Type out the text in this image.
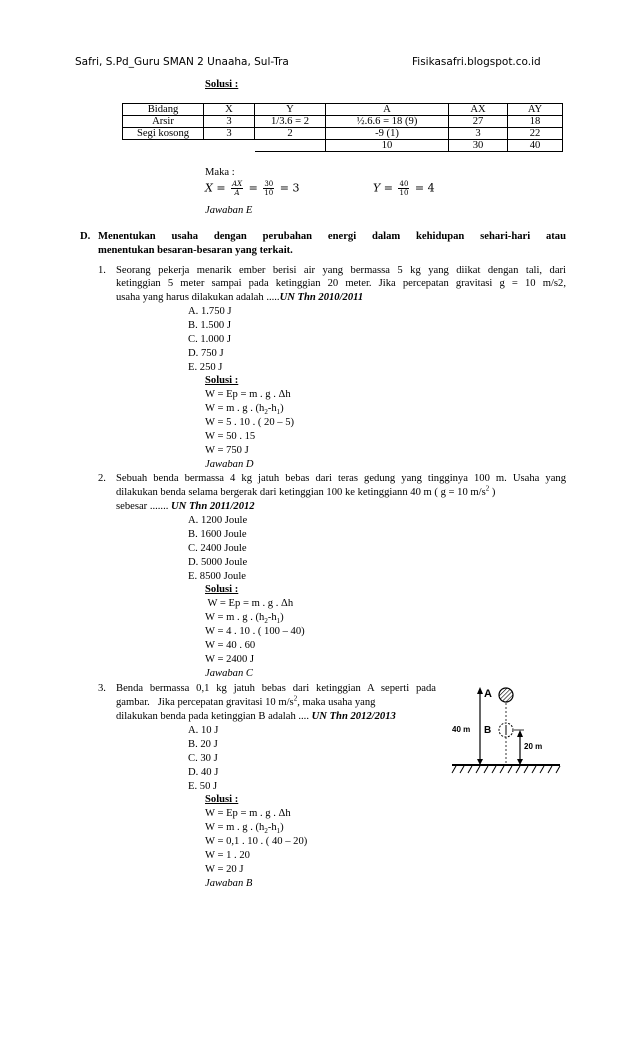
Safri, S.Pd_Guru SMAN 2 Unaaha, Sul-Tra	Fisikasafri.blogspot.co.id
Solusi :
Bidang	X	Y	A	AX	AY
Arsir	3	1/3.6 = 2	½.6.6 = 18 (9)	27	18
Segi kosong	3	2	-9 (1)	3	22
			10	30	40
Maka :
$X = \frac{AX}{A} = \frac{30}{10} = 3$	$Y = \frac{40}{10} = 4$
Jawaban E
D. Menentukan usaha dengan perubahan energi dalam kehidupan sehari-hari atau
menentukan besaran-besaran yang terkait.
1. Seorang pekerja menarik ember berisi air yang bermassa 5 kg yang diikat dengan tali, dari
ketinggian 5 meter sampai pada ketinggian 20 meter. Jika percepatan gravitasi g = 10 m/s2,
usaha yang harus dilakukan adalah .....UN Thn 2010/2011
A. 1.750 J
B. 1.500 J
C. 1.000 J
D. 750 J
E. 250 J
Solusi :
W = Ep = m . g . Δh
W = m . g . $(h_2-h_1)$
W = 5 . 10 . ( 20 – 5)
W = 50 . 15
W = 750 J
Jawaban D
2. Sebuah benda bermassa 4 kg jatuh bebas dari teras gedung yang tingginya 100 m. Usaha yang
dilakukan benda selama bergerak dari ketinggian 100 ke ketinggiann 40 m ( g = 10 $m/s^2$ )
sebesar ....... UN Thn 2011/2012
A. 1200 Joule
B. 1600 Joule
C. 2400 Joule
D. 5000 Joule
E. 8500 Joule
Solusi :
W = Ep = m . g . Δh
W = m . g . $(h_2-h_1)$
W = 4 . 10 . ( 100 – 40)
W = 40 . 60
W = 2400 J
Jawaban C
3. Benda bermassa 0,1 kg jatuh bebas dari ketinggian A seperti pada
gambar.   Jika percepatan gravitasi 10 $m/s^2$, maka usaha yang
dilakukan benda pada ketinggian B adalah .... UN Thn 2012/2013
A. 10 J
B. 20 J
C. 30 J
D. 40 J
E. 50 J
Solusi :
W = Ep = m . g . Δh
W = m . g . $(h_2-h_1)$
W = 0,1 . 10 . ( 40 – 20)
W = 1 . 20
W = 20 J
Jawaban B
40 m
A
B
20 m
